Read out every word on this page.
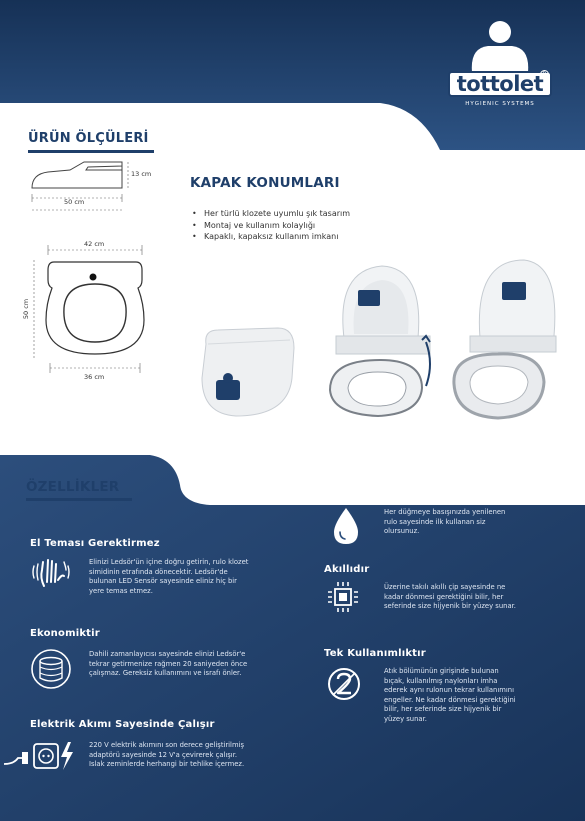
tottolet R
HYGIENIC SYSTEMS
ÜRÜN ÖLÇÜLERİ
50 cm
13 cm
42 cm
50 cm
36 cm
KAPAK KONUMLARI
• Her türlü klozete uyumlu şık tasarım
• Montaj ve kullanım kolaylığı
• Kapaklı, kapaksız kullanım imkanı
ÖZELLİKLER
El Teması Gerektirmez
Elinizi Ledsör'ün içine doğru getirin, rulo klozet
simidinin etrafında dönecektir. Ledsör'de
bulunan LED Sensör sayesinde eliniz hiç bir
yere temas etmez.
Ekonomiktir
Dahili zamanlayıcısı sayesinde elinizi Ledsör'e
tekrar getirmenize rağmen 20 saniyeden önce
çalışmaz. Gereksiz kullanımını ve israfı önler.
Elektrik Akımı Sayesinde Çalışır
220 V elektrik akımını son derece geliştirilmiş
adaptörü sayesinde 12 V'a çevirerek çalışır.
Islak zeminlerde herhangi bir tehlike içermez.
Hijyeniktir
Her düğmeye basışınızda yenilenen
rulo sayesinde ilk kullanan siz
olursunuz.
Akıllıdır
Üzerine takılı akıllı çip sayesinde ne
kadar dönmesi gerektiğini bilir, her
seferinde size hijyenik bir yüzey sunar.
Tek Kullanımlıktır
Atık bölümünün girişinde bulunan
bıçak, kullanılmış naylonları imha
ederek aynı rulonun tekrar kullanımını
engeller. Ne kadar dönmesi gerektiğini
bilir, her seferinde size hijyenik bir
yüzey sunar.
